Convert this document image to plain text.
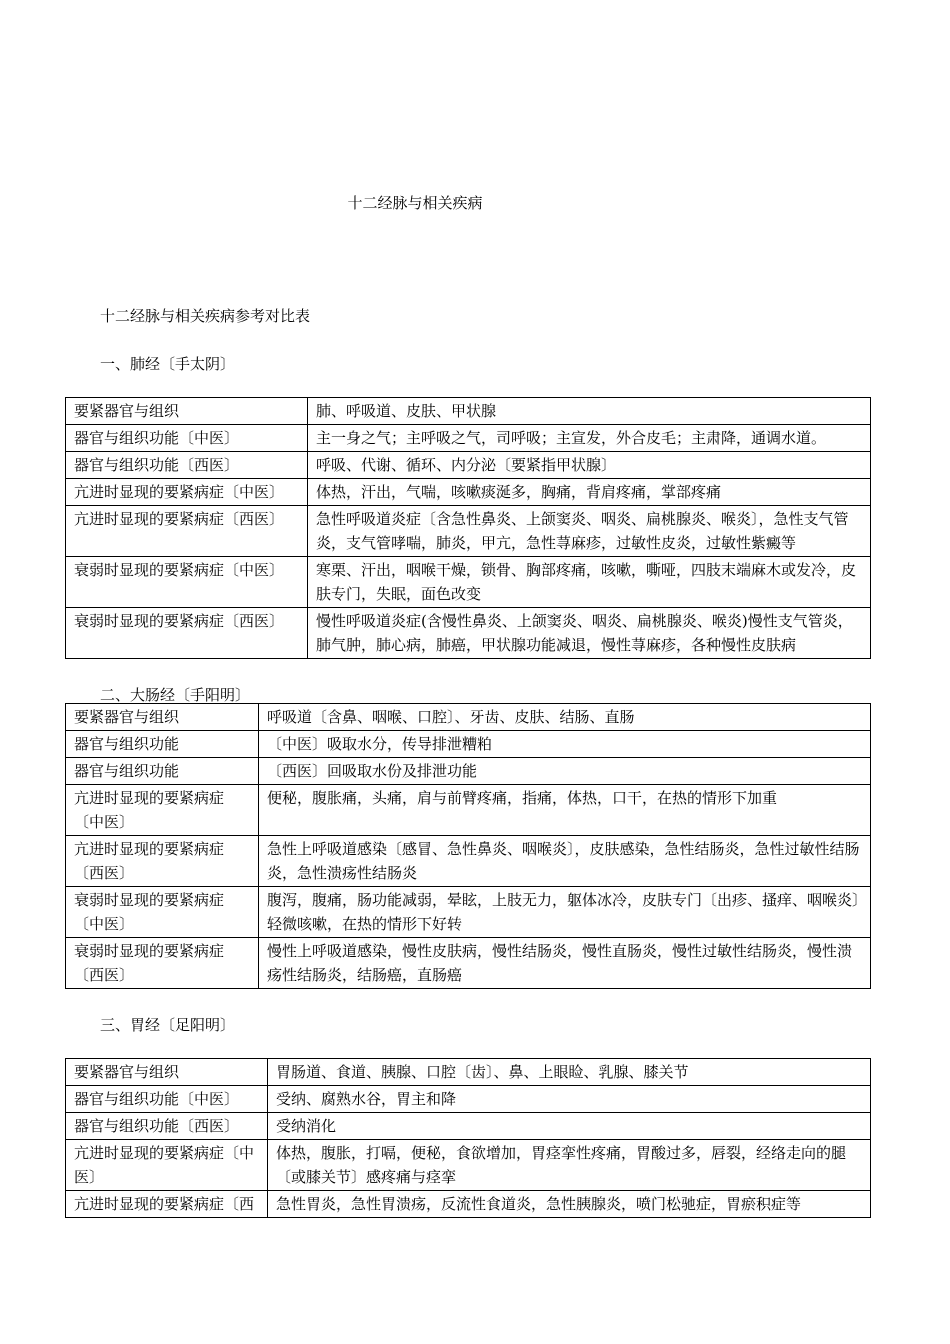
十二经脉与相关疾病
十二经脉与相关疾病参考对比表
一、肺经〔手太阴〕
要紧器官与组织	肺、呼吸道、皮肤、甲状腺
器官与组织功能〔中医〕	主一身之气；主呼吸之气，司呼吸；主宣发，外合皮毛；主肃降，通调水道。
器官与组织功能〔西医〕	呼吸、代谢、循环、内分泌〔要紧指甲状腺〕
亢进时显现的要紧病症〔中医〕	体热，汗出，气喘，咳嗽痰涎多，胸痛，背肩疼痛，掌部疼痛
亢进时显现的要紧病症〔西医〕	急性呼吸道炎症〔含急性鼻炎、上颌窦炎、咽炎、扁桃腺炎、喉炎〕，急性支气管炎，支气管哮喘，肺炎，甲亢，急性荨麻疹，过敏性皮炎，过敏性紫癜等
衰弱时显现的要紧病症〔中医〕	寒栗、汗出，咽喉干燥，锁骨、胸部疼痛，咳嗽，嘶哑，四肢末端麻木或发冷，皮肤专门，失眠，面色改变
衰弱时显现的要紧病症〔西医〕	慢性呼吸道炎症(含慢性鼻炎、上颌窦炎、咽炎、扁桃腺炎、喉炎)慢性支气管炎，肺气肿，肺心病，肺癌，甲状腺功能减退，慢性荨麻疹，各种慢性皮肤病
二、大肠经〔手阳明〕
要紧器官与组织	呼吸道〔含鼻、咽喉、口腔〕、牙齿、皮肤、结肠、直肠
器官与组织功能	〔中医〕吸取水分，传导排泄糟粕
器官与组织功能	〔西医〕回吸取水份及排泄功能
亢进时显现的要紧病症〔中医〕	便秘，腹胀痛，头痛，肩与前臂疼痛，指痛，体热，口干，在热的情形下加重
亢进时显现的要紧病症〔西医〕	急性上呼吸道感染〔感冒、急性鼻炎、咽喉炎〕，皮肤感染，急性结肠炎，急性过敏性结肠炎，急性溃疡性结肠炎
衰弱时显现的要紧病症〔中医〕	腹泻，腹痛，肠功能减弱，晕眩，上肢无力，躯体冰冷，皮肤专门〔出疹、搔痒、咽喉炎〕轻微咳嗽，在热的情形下好转
衰弱时显现的要紧病症〔西医〕	慢性上呼吸道感染，慢性皮肤病，慢性结肠炎，慢性直肠炎，慢性过敏性结肠炎，慢性溃疡性结肠炎，结肠癌，直肠癌
三、胃经〔足阳明〕
要紧器官与组织	胃肠道、食道、胰腺、口腔〔齿〕、鼻、上眼睑、乳腺、膝关节
器官与组织功能〔中医〕	受纳、腐熟水谷，胃主和降
器官与组织功能〔西医〕	受纳消化
亢进时显现的要紧病症〔中医〕	体热，腹胀，打嗝，便秘，食欲增加，胃痉挛性疼痛，胃酸过多，唇裂，经络走向的腿〔或膝关节〕感疼痛与痉挛
亢进时显现的要紧病症〔西	急性胃炎，急性胃溃疡，反流性食道炎，急性胰腺炎，喷门松驰症，胃瘀积症等
